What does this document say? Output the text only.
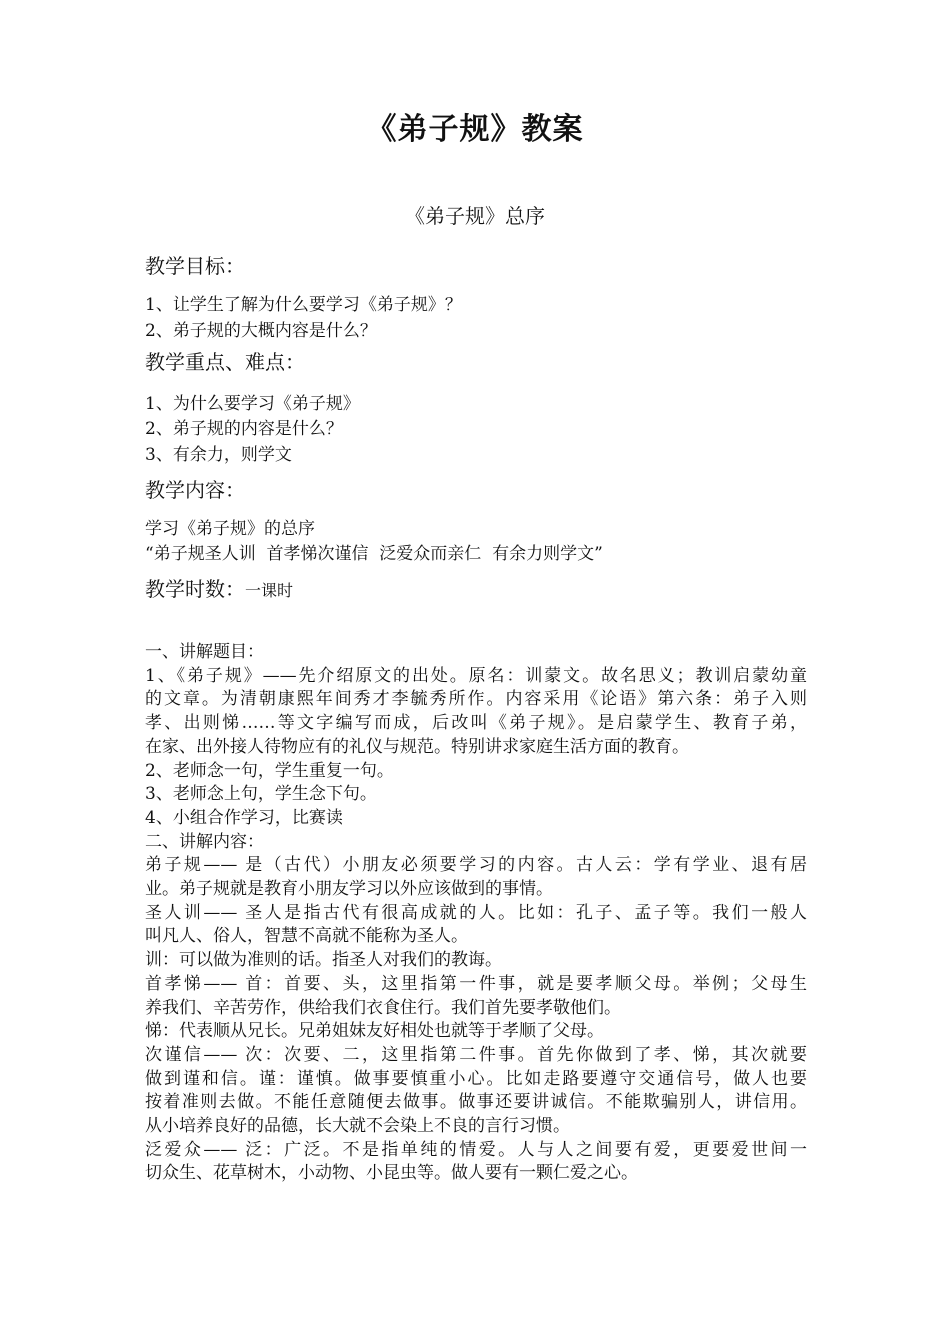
《弟子规》教案
《弟子规》总序
教学目标：
1、让学生了解为什么要学习《弟子规》？
2、弟子规的大概内容是什么？
教学重点、难点：
1、为什么要学习《弟子规》
2、弟子规的内容是什么？
3、有余力，则学文
教学内容：
学习《弟子规》的总序
“弟子规圣人训  首孝悌次谨信  泛爱众而亲仁  有余力则学文”
教学时数：一课时
一、讲解题目：
1、《弟子规》——先介绍原文的出处。原名：训蒙文。故名思义；教训启蒙幼童
的文章。为清朝康熙年间秀才李毓秀所作。内容采用《论语》第六条：弟子入则
孝、出则悌……等文字编写而成，后改叫《弟子规》。是启蒙学生、教育子弟，
在家、出外接人待物应有的礼仪与规范。特别讲求家庭生活方面的教育。
2、老师念一句，学生重复一句。
3、老师念上句，学生念下句。
4、小组合作学习，比赛读
二、讲解内容：
弟子规—— 是（古代）小朋友必须要学习的内容。古人云：学有学业、退有居
业。弟子规就是教育小朋友学习以外应该做到的事情。
圣人训—— 圣人是指古代有很高成就的人。比如：孔子、孟子等。我们一般人
叫凡人、俗人，智慧不高就不能称为圣人。
训：可以做为准则的话。指圣人对我们的教诲。
首孝悌—— 首：首要、头，这里指第一件事，就是要孝顺父母。举例；父母生
养我们、辛苦劳作，供给我们衣食住行。我们首先要孝敬他们。
悌：代表顺从兄长。兄弟姐妹友好相处也就等于孝顺了父母。
次谨信—— 次：次要、二，这里指第二件事。首先你做到了孝、悌，其次就要
做到谨和信。谨：谨慎。做事要慎重小心。比如走路要遵守交通信号，做人也要
按着准则去做。不能任意随便去做事。做事还要讲诚信。不能欺骗别人，讲信用。
从小培养良好的品德，长大就不会染上不良的言行习惯。
泛爱众—— 泛：广泛。不是指单纯的情爱。人与人之间要有爱，更要爱世间一
切众生、花草树木，小动物、小昆虫等。做人要有一颗仁爱之心。
